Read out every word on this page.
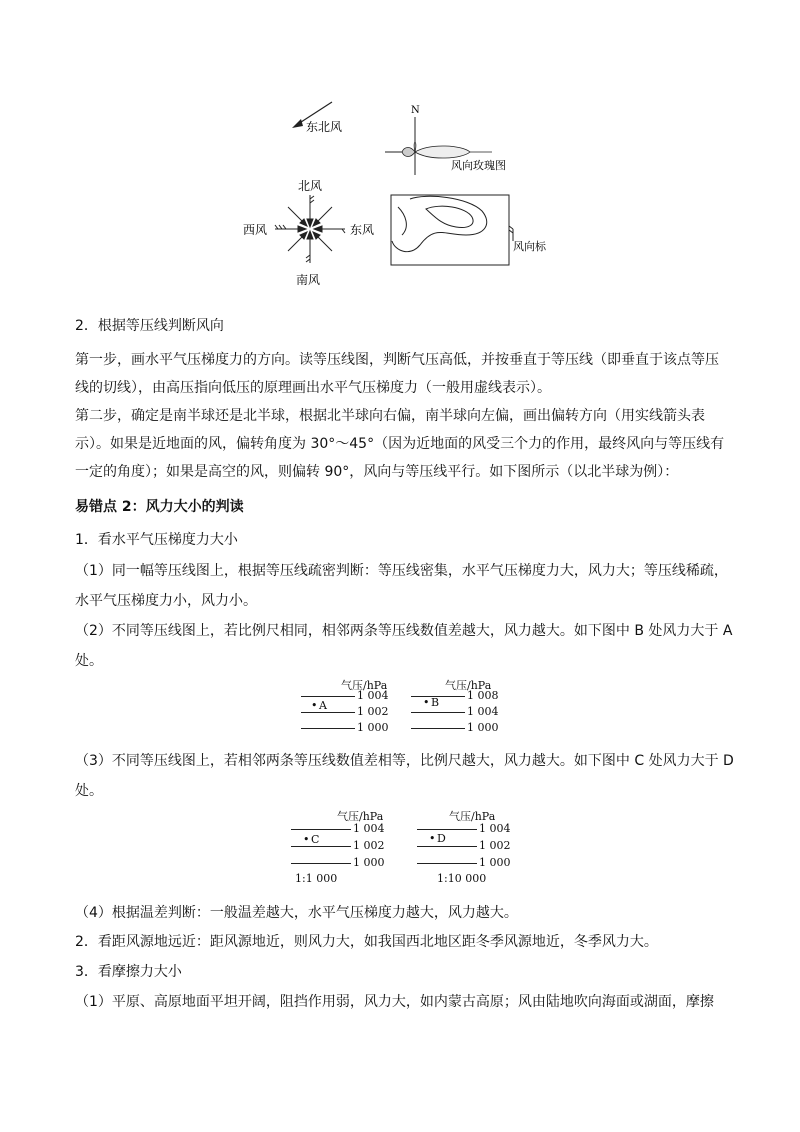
东北风
N
风向玫瑰图
北风
西风	东风
南风
风向标
2．根据等压线判断风向
第一步，画水平气压梯度力的方向。读等压线图，判断气压高低，并按垂直于等压线（即垂直于该点等压
线的切线），由高压指向低压的原理画出水平气压梯度力（一般用虚线表示）。
第二步，确定是南半球还是北半球，根据北半球向右偏，南半球向左偏，画出偏转方向（用实线箭头表
示）。如果是近地面的风，偏转角度为 30°～45°（因为近地面的风受三个力的作用，最终风向与等压线有
一定的角度）；如果是高空的风，则偏转 90°，风向与等压线平行。如下图所示（以北半球为例）：
易错点 2：风力大小的判读
1．看水平气压梯度力大小
（1）同一幅等压线图上，根据等压线疏密判断：等压线密集，水平气压梯度力大，风力大；等压线稀疏，
水平气压梯度力小，风力小。
（2）不同等压线图上，若比例尺相同，相邻两条等压线数值差越大，风力越大。如下图中 B 处风力大于 A
处。
气压/hPa	气压/hPa
1 004
1 002
1 000
• A
1 008
1 004
1 000
• B
（3）不同等压线图上，若相邻两条等压线数值差相等，比例尺越大，风力越大。如下图中 C 处风力大于 D
处。
气压/hPa	气压/hPa
1 004
1 002
1 000
• C
1:1 000
1 004
1 002
1 000
• D
1:10 000
（4）根据温差判断：一般温差越大，水平气压梯度力越大，风力越大。
2．看距风源地远近：距风源地近，则风力大，如我国西北地区距冬季风源地近，冬季风力大。
3．看摩擦力大小
（1）平原、高原地面平坦开阔，阻挡作用弱，风力大，如内蒙古高原；风由陆地吹向海面或湖面，摩擦
